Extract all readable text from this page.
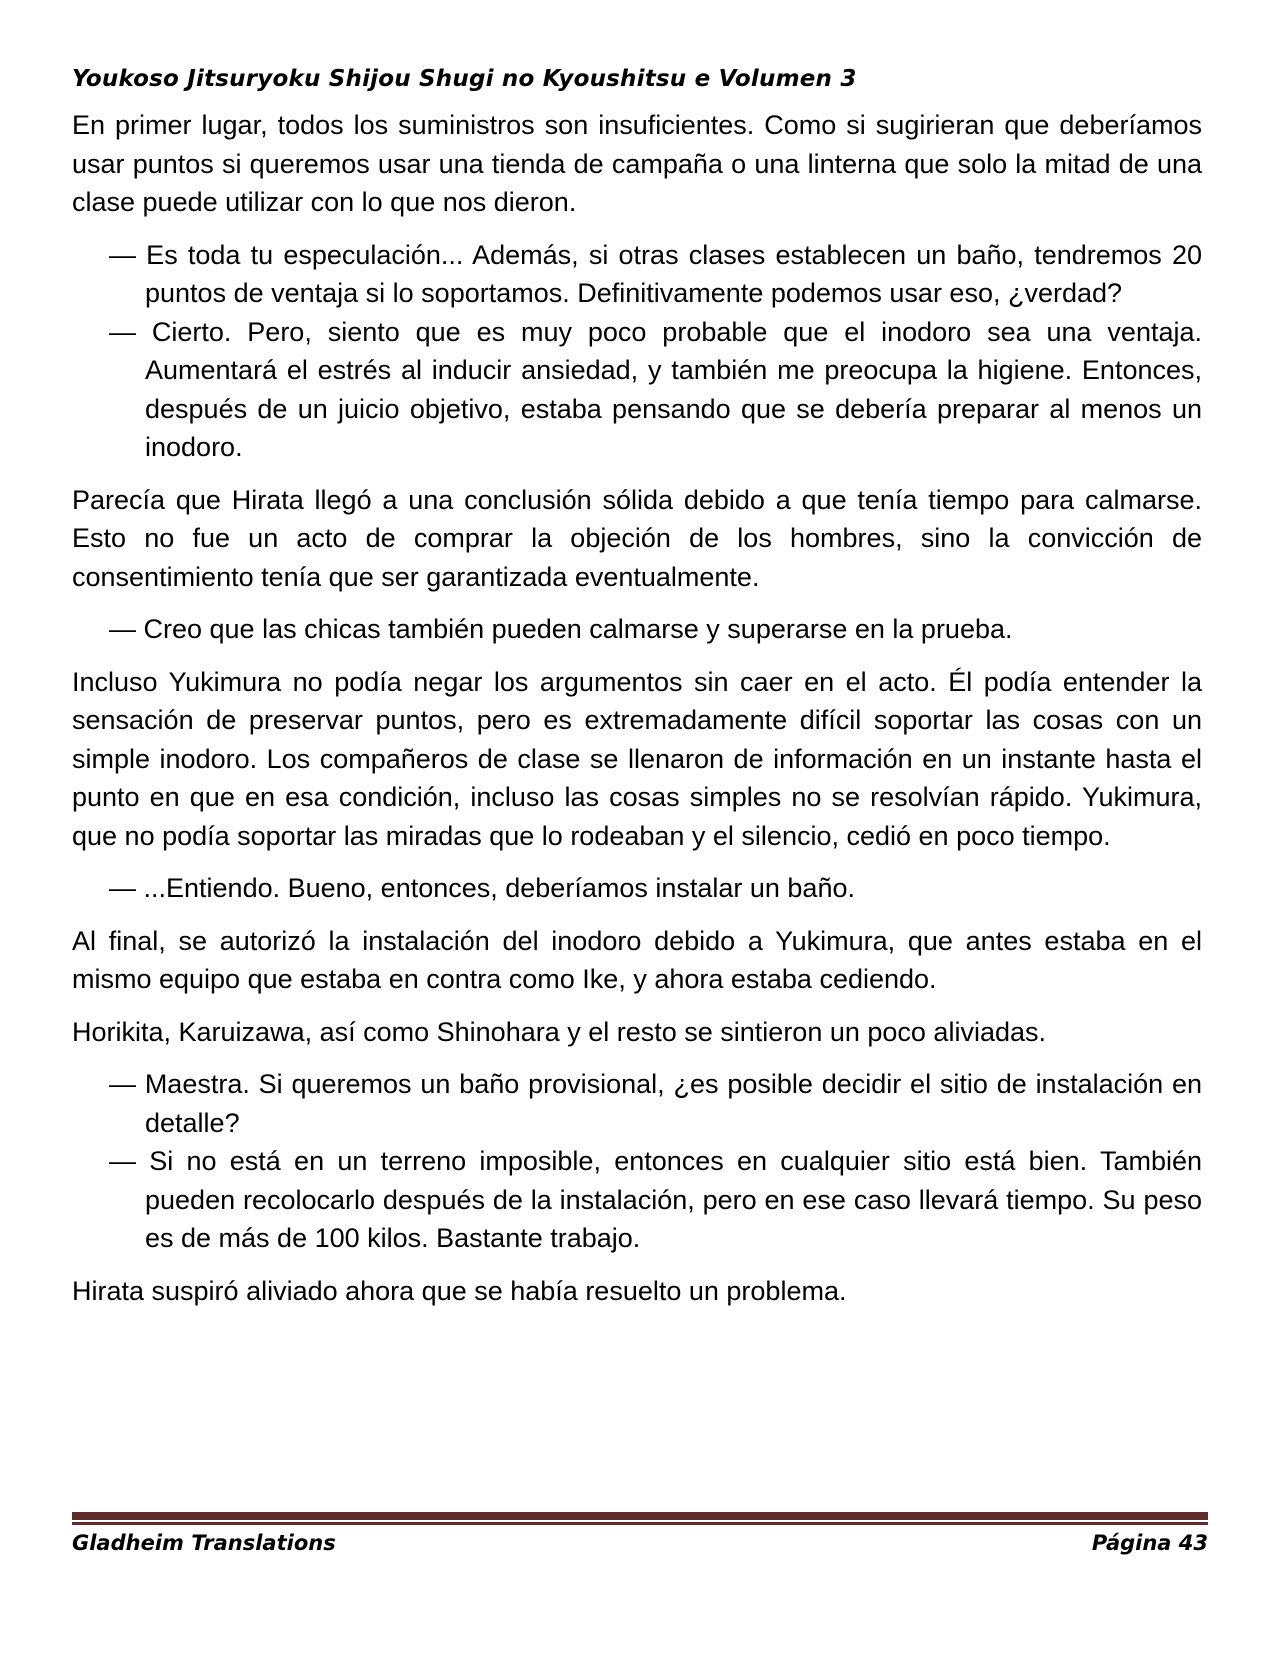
Youkoso Jitsuryoku Shijou Shugi no Kyoushitsu e Volumen 3

En primer lugar, todos los suministros son insuficientes. Como si sugirieran que deberíamos usar puntos si queremos usar una tienda de campaña o una linterna que solo la mitad de una clase puede utilizar con lo que nos dieron.

— Es toda tu especulación... Además, si otras clases establecen un baño, tendremos 20 puntos de ventaja si lo soportamos. Definitivamente podemos usar eso, ¿verdad?

— Cierto. Pero, siento que es muy poco probable que el inodoro sea una ventaja. Aumentará el estrés al inducir ansiedad, y también me preocupa la higiene. Entonces, después de un juicio objetivo, estaba pensando que se debería preparar al menos un inodoro.

Parecía que Hirata llegó a una conclusión sólida debido a que tenía tiempo para calmarse. Esto no fue un acto de comprar la objeción de los hombres, sino la convicción de consentimiento tenía que ser garantizada eventualmente.

— Creo que las chicas también pueden calmarse y superarse en la prueba.

Incluso Yukimura no podía negar los argumentos sin caer en el acto. Él podía entender la sensación de preservar puntos, pero es extremadamente difícil soportar las cosas con un simple inodoro. Los compañeros de clase se llenaron de información en un instante hasta el punto en que en esa condición, incluso las cosas simples no se resolvían rápido. Yukimura, que no podía soportar las miradas que lo rodeaban y el silencio, cedió en poco tiempo.

— ...Entiendo. Bueno, entonces, deberíamos instalar un baño.

Al final, se autorizó la instalación del inodoro debido a Yukimura, que antes estaba en el mismo equipo que estaba en contra como Ike, y ahora estaba cediendo.

Horikita, Karuizawa, así como Shinohara y el resto se sintieron un poco aliviadas.

— Maestra. Si queremos un baño provisional, ¿es posible decidir el sitio de instalación en detalle?

— Si no está en un terreno imposible, entonces en cualquier sitio está bien. También pueden recolocarlo después de la instalación, pero en ese caso llevará tiempo. Su peso es de más de 100 kilos. Bastante trabajo.

Hirata suspiró aliviado ahora que se había resuelto un problema.

Gladheim Translations	Página 43
